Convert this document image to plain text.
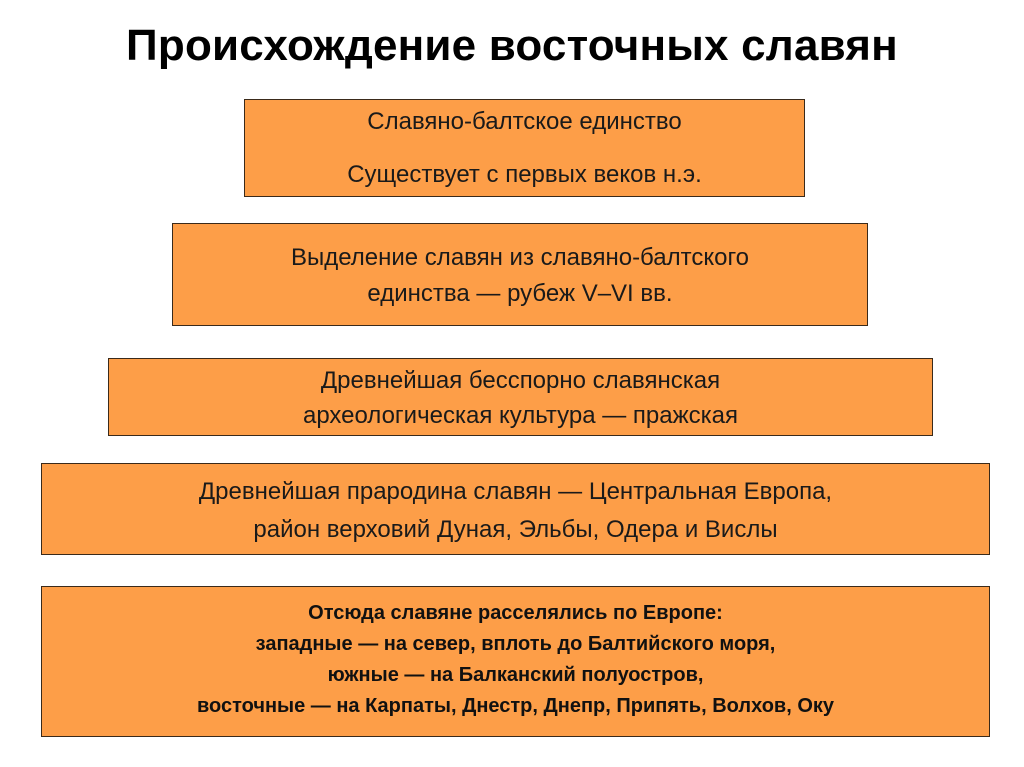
Происхождение восточных славян
Славяно-балтское единство
Существует с первых веков н.э.
Выделение славян из славяно-балтского
единства — рубеж V–VI вв.
Древнейшая бесспорно славянская
археологическая культура — пражская
Древнейшая прародина славян — Центральная Европа,
район верховий Дуная, Эльбы, Одера и Вислы
Отсюда славяне расселялись по Европе:
западные — на север, вплоть до Балтийского моря,
южные — на Балканский полуостров,
восточные — на Карпаты, Днестр, Днепр, Припять, Волхов, Оку
